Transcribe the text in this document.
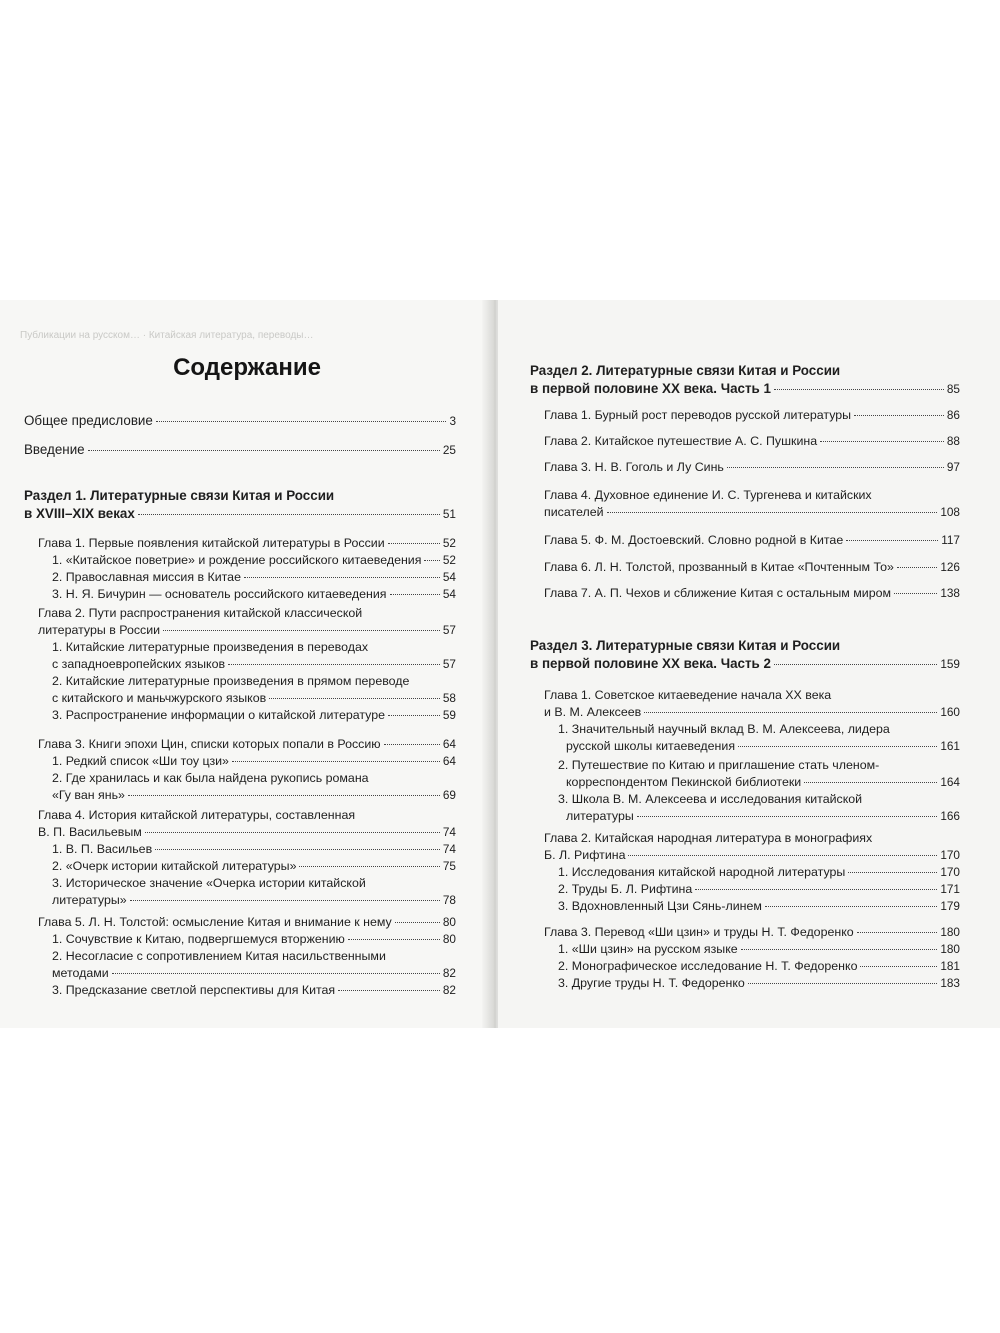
Публикации на русском… · Китайская литература, переводы…
Содержание
Общее предисловие	3
Введение	25
Раздел 1. Литературные связи Китая и России
в XVIII–XIX веках	51
Глава 1. Первые появления китайской литературы в России	52
1. «Китайское поветрие» и рождение российского китаеведения 52
2. Православная миссия в Китае	54
3. Н. Я. Бичурин — основатель российского китаеведения	54
Глава 2. Пути распространения китайской классической
литературы в России	57
1. Китайские литературные произведения в переводах
с западноевропейских языков	57
2. Китайские литературные произведения в прямом переводе
с китайского и маньчжурского языков	58
3. Распространение информации о китайской литературе	59
Глава 3. Книги эпохи Цин, списки которых попали в Россию	64
1. Редкий список «Ши тоу цзи»	64
2. Где хранилась и как была найдена рукопись романа
«Гу ван янь»	69
Глава 4. История китайской литературы, составленная
В. П. Васильевым	74
1. В. П. Васильев	74
2. «Очерк истории китайской литературы»	75
3. Историческое значение «Очерка истории китайской
литературы»	78
Глава 5. Л. Н. Толстой: осмысление Китая и внимание к нему	80
1. Сочувствие к Китаю, подвергшемуся вторжению	80
2. Несогласие с сопротивлением Китая насильственными
методами	82
3. Предсказание светлой перспективы для Китая	82
Раздел 2. Литературные связи Китая и России
в первой половине XX века. Часть 1	85
Глава 1. Бурный рост переводов русской литературы	86
Глава 2. Китайское путешествие А. С. Пушкина	88
Глава 3. Н. В. Гоголь и Лу Синь	97
Глава 4. Духовное единение И. С. Тургенева и китайских
писателей	108
Глава 5. Ф. М. Достоевский. Словно родной в Китае	117
Глава 6. Л. Н. Толстой, прозванный в Китае «Почтенным То»	126
Глава 7. А. П. Чехов и сближение Китая с остальным миром	138
Раздел 3. Литературные связи Китая и России
в первой половине XX века. Часть 2	159
Глава 1. Советское китаеведение начала XX века
и В. М. Алексеев	160
1. Значительный научный вклад В. М. Алексеева, лидера
русской школы китаеведения	161
2. Путешествие по Китаю и приглашение стать членом-
корреспондентом Пекинской библиотеки	164
3. Школа В. М. Алексеева и исследования китайской
литературы	166
Глава 2. Китайская народная литература в монографиях
Б. Л. Рифтина	170
1. Исследования китайской народной литературы	170
2. Труды Б. Л. Рифтина	171
3. Вдохновленный Цзи Сянь-линем	179
Глава 3. Перевод «Ши цзин» и труды Н. Т. Федоренко	180
1. «Ши цзин» на русском языке	180
2. Монографическое исследование Н. Т. Федоренко	181
3. Другие труды Н. Т. Федоренко	183
